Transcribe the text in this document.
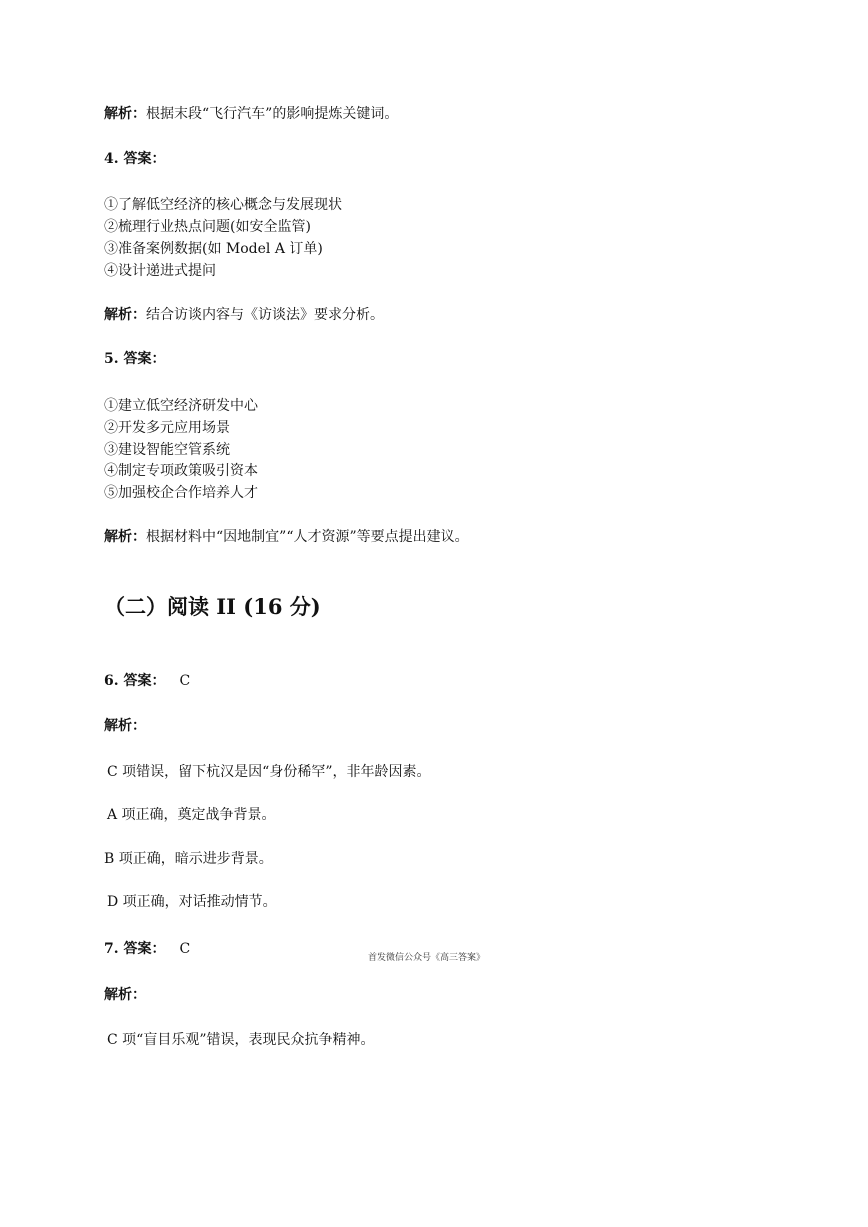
解析：根据末段“飞行汽车”的影响提炼关键词。
4. 答案：
①了解低空经济的核心概念与发展现状
②梳理行业热点问题(如安全监管)
③准备案例数据(如 Model A 订单)
④设计递进式提问
解析：结合访谈内容与《访谈法》要求分析。
5. 答案：
①建立低空经济研发中心
②开发多元应用场景
③建设智能空管系统
④制定专项政策吸引资本
⑤加强校企合作培养人才
解析：根据材料中“因地制宜”“人才资源”等要点提出建议。
（二）阅读 II (16 分)
6. 答案： C
解析：
C 项错误，留下杭汉是因“身份稀罕”，非年龄因素。
A 项正确，奠定战争背景。
B 项正确，暗示进步背景。
D 项正确，对话推动情节。
7. 答案： C
首发微信公众号《高三答案》
解析：
C 项“盲目乐观”错误，表现民众抗争精神。
